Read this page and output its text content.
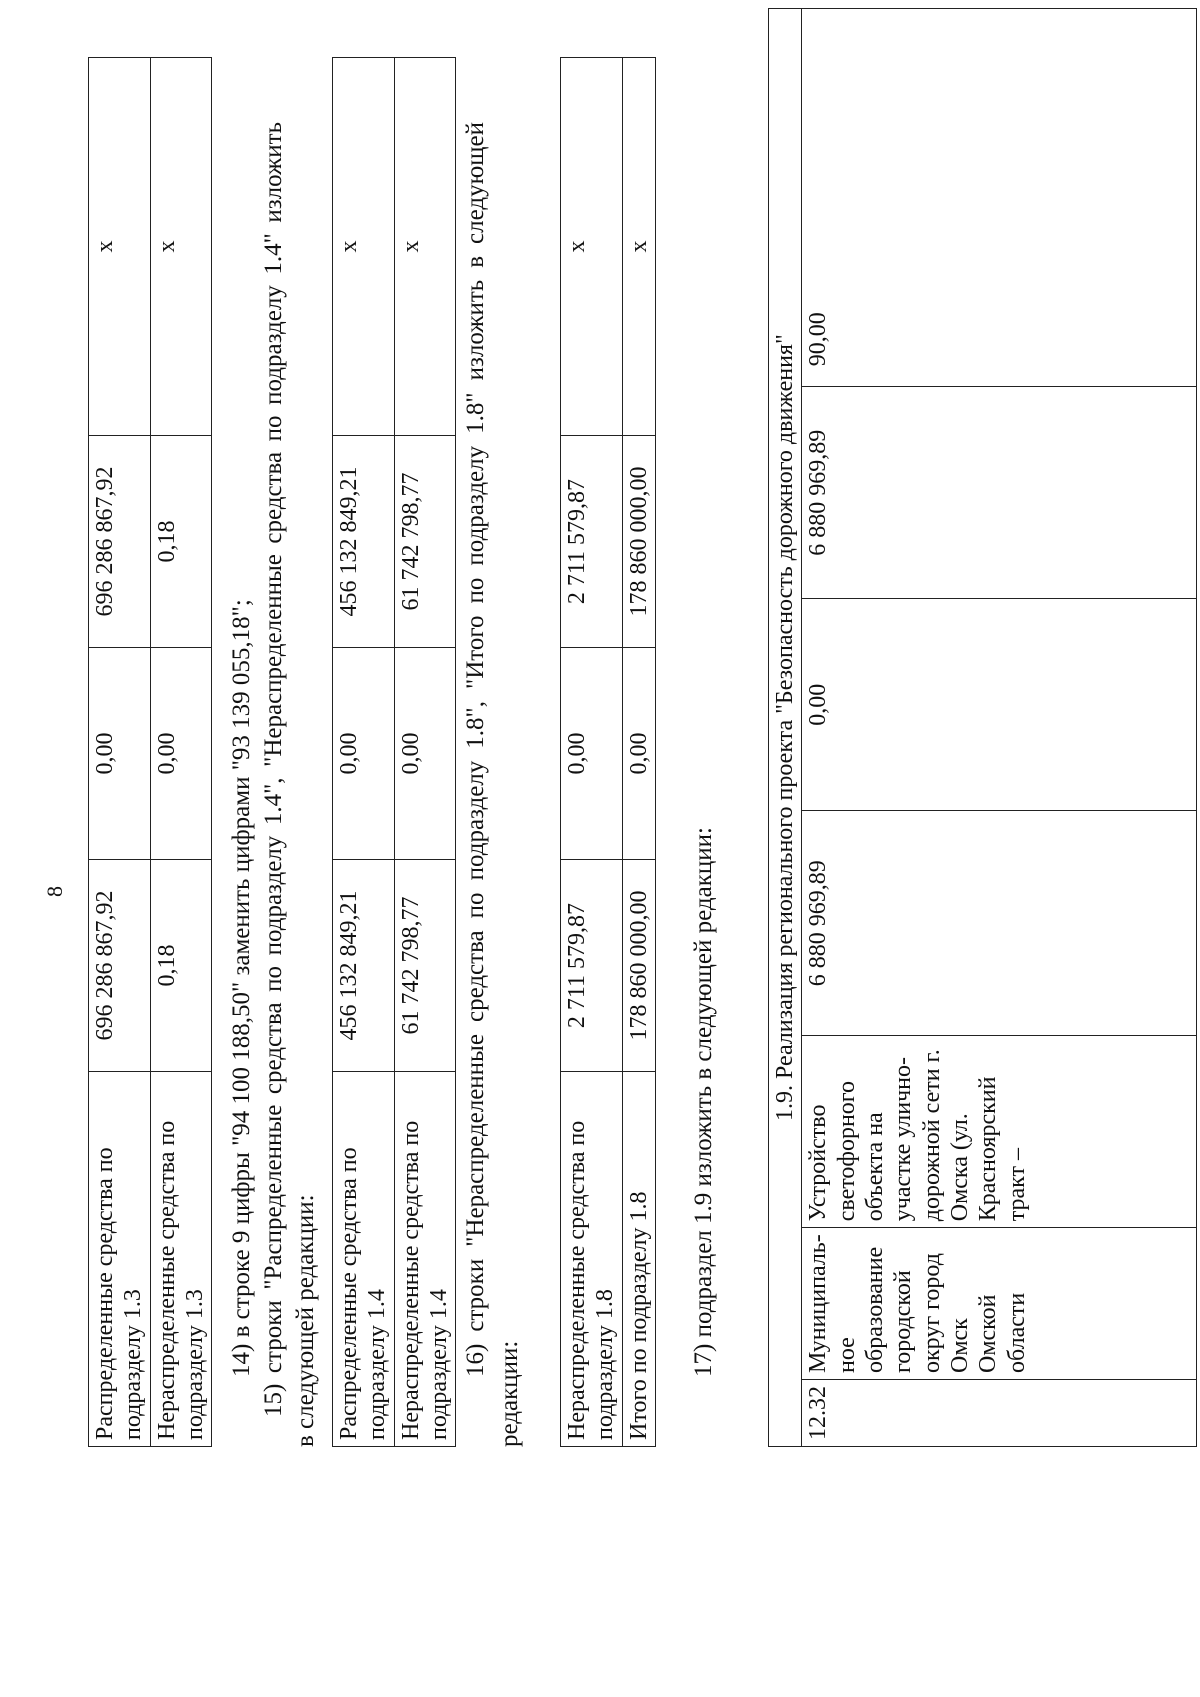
8
Распределенные средства по подразделу 1.3	696 286 867,92	0,00	696 286 867,92	х
Нераспределенные средства по подразделу 1.3	0,18	0,00	0,18	х
14) в строке 9 цифры "94 100 188,50" заменить цифрами "93 139 055,18"; 15) строки "Распределенные средства по подразделу 1.4", "Нераспределенные средства по подразделу 1.4" изложить в следующей редакции: Распределенные средства по подразделу 1.4	456 132 849,21	0,00	456 132 849,21	х
Нераспределенные средства по подразделу 1.4	61 742 798,77	0,00	61 742 798,77	х 16) строки "Нераспределенные средства по подразделу 1.8", "Итого по подразделу 1.8" изложить в следующей
редакции: Нераспределенные средства по подразделу 1.8	2 711 579,87	0,00	2 711 579,87	х
Итого по подразделу 1.8	178 860 000,00	0,00	178 860 000,00	х
17) подраздел 1.9 изложить в следующей редакции: 1.9. Реализация регионального проекта "Безопасность дорожного движения"
12.32	Муниципаль-ное образование городской округ город Омск Омской области	Устройство светофорного объекта на участке улично-дорожной сети г. Омска (ул. Красноярский тракт –	6 880 969,89	0,00	6 880 969,89	90,00
